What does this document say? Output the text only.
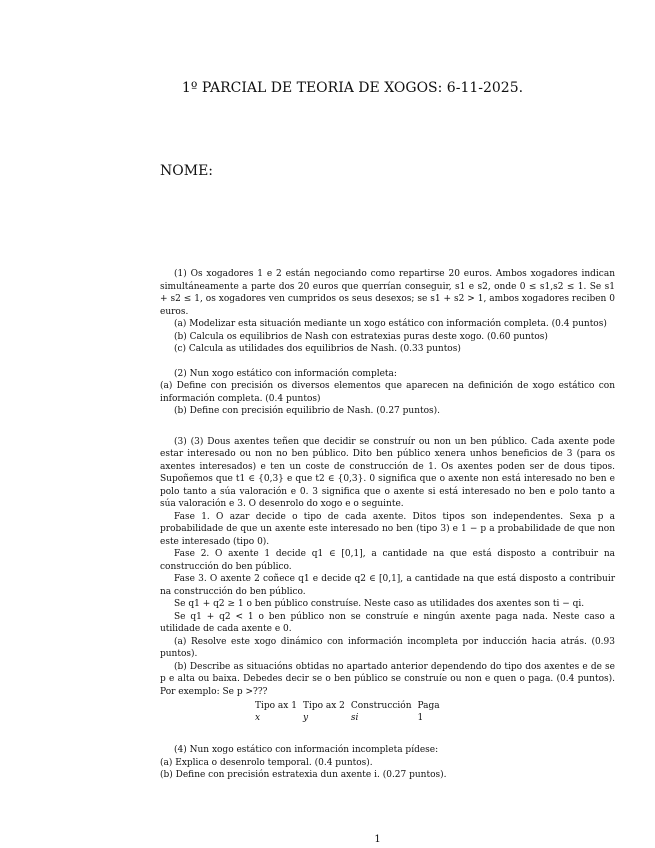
1º PARCIAL DE TEORIA DE XOGOS: 6-11-2025.
NOME:

(1) Os xogadores 1 e 2 están negociando como repartirse 20 euros. Ambos xogadores indican simultáneamente a parte dos 20 euros que querrían conseguir, s1 e s2, onde 0 ≤ s1,s2 ≤ 1. Se s1 + s2 ≤ 1, os xogadores ven cumpridos os seus desexos; se s1 + s2 > 1, ambos xogadores reciben 0 euros.

(a) Modelizar esta situación mediante un xogo estático con información completa. (0.4 puntos)

(b) Calcula os equilibrios de Nash con estratexias puras deste xogo. (0.60 puntos)

(c) Calcula as utilidades dos equilibrios de Nash. (0.33 puntos)

(2) Nun xogo estático con información completa:

(a) Define con precisión os diversos elementos que aparecen na definición de xogo estático con información completa. (0.4 puntos)

(b) Define con precisión equilibrio de Nash. (0.27 puntos).

(3) (3) Dous axentes teñen que decidir se construír ou non un ben público. Cada axente pode estar interesado ou non no ben público. Dito ben público xenera unhos beneficios de 3 (para os axentes interesados) e ten un coste de construcción de 1. Os axentes poden ser de dous tipos. Supoñemos que t1 ∈ {0,3} e que t2 ∈ {0,3}. 0 significa que o axente non está interesado no ben e polo tanto a súa valoración e 0. 3 significa que o axente si está interesado no ben e polo tanto a súa valoración e 3. O desenrolo do xogo e o seguinte.

Fase 1. O azar decide o tipo de cada axente. Ditos tipos son independentes. Sexa p a probabilidade de que un axente este interesado no ben (tipo 3) e 1 − p a probabilidade de que non este interesado (tipo 0).

Fase 2. O axente 1 decide q1 ∈ [0,1], a cantidade na que está disposto a contribuir na construcción do ben público.

Fase 3. O axente 2 coñece q1 e decide q2 ∈ [0,1], a cantidade na que está disposto a contribuir na construcción do ben público.

Se q1 + q2 ≥ 1 o ben público construíse. Neste caso as utilidades dos axentes son ti − qi.

Se q1 + q2 < 1 o ben público non se construíe e ningún axente paga nada. Neste caso a utilidade de cada axente e 0.

(a) Resolve este xogo dinámico con información incompleta por inducción hacia atrás. (0.93 puntos).

(b) Describe as situacións obtidas no apartado anterior dependendo do tipo dos axentes e de se p e alta ou baixa. Debedes decir se o ben público se construíe ou non e quen o paga. (0.4 puntos). Por exemplo: Se p >???

Tipo ax 1	Tipo ax 2	Construcción	Paga
x	y	si	1

(4) Nun xogo estático con información incompleta pídese:

(a) Explica o desenrolo temporal. (0.4 puntos).

(b) Define con precisión estratexia dun axente i. (0.27 puntos).

1
